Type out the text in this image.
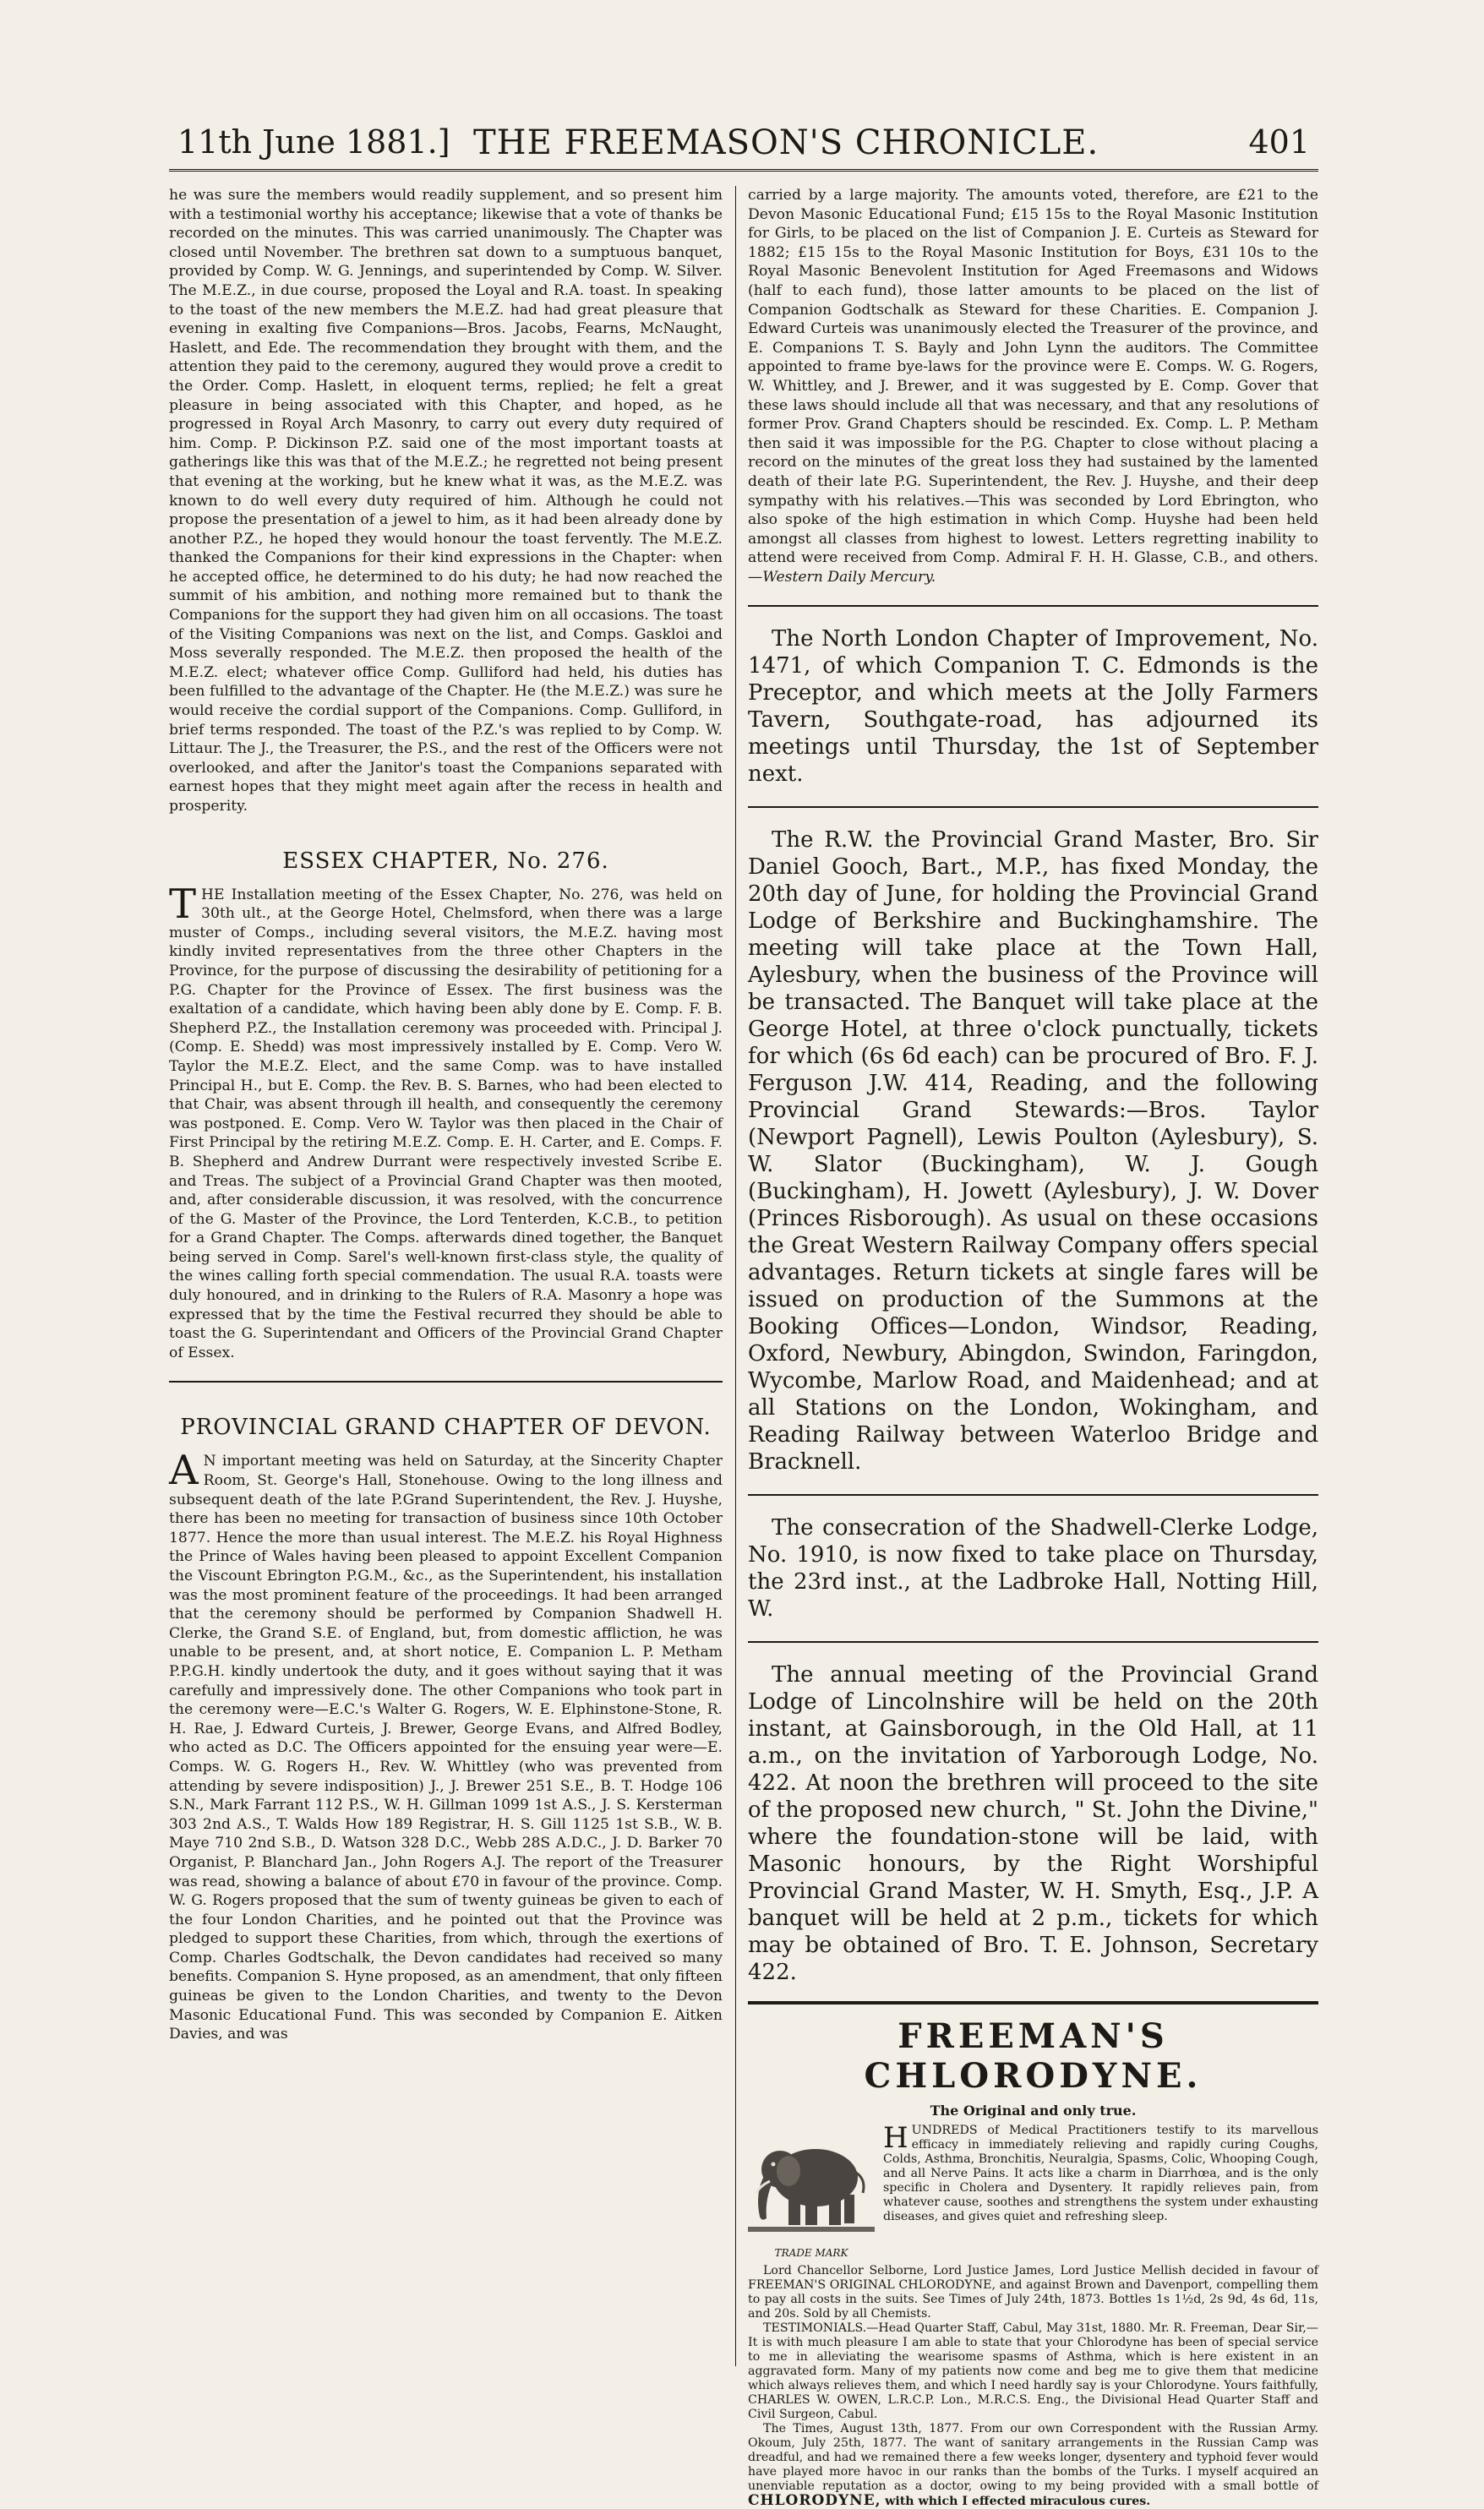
11th June 1881.] THE FREEMASON'S CHRONICLE.	401

he was sure the members would readily supplement, and so present him with a testimonial worthy his acceptance; likewise that a vote of thanks be recorded on the minutes. This was carried unanimously. The Chapter was closed until November. The brethren sat down to a sumptuous banquet, provided by Comp. W. G. Jennings, and superintended by Comp. W. Silver. The M.E.Z., in due course, proposed the Loyal and R.A. toast. In speaking to the toast of the new members the M.E.Z. had had great pleasure that evening in exalting five Companions—Bros. Jacobs, Fearns, McNaught, Haslett, and Ede. The recommendation they brought with them, and the attention they paid to the ceremony, augured they would prove a credit to the Order. Comp. Haslett, in eloquent terms, replied; he felt a great pleasure in being associated with this Chapter, and hoped, as he progressed in Royal Arch Masonry, to carry out every duty required of him. Comp. P. Dickinson P.Z. said one of the most important toasts at gatherings like this was that of the M.E.Z.; he regretted not being present that evening at the working, but he knew what it was, as the M.E.Z. was known to do well every duty required of him. Although he could not propose the presentation of a jewel to him, as it had been already done by another P.Z., he hoped they would honour the toast fervently. The M.E.Z. thanked the Companions for their kind expressions in the Chapter: when he accepted office, he determined to do his duty; he had now reached the summit of his ambition, and nothing more remained but to thank the Companions for the support they had given him on all occasions. The toast of the Visiting Companions was next on the list, and Comps. Gaskloi and Moss severally responded. The M.E.Z. then proposed the health of the M.E.Z. elect; whatever office Comp. Gulliford had held, his duties has been fulfilled to the advantage of the Chapter. He (the M.E.Z.) was sure he would receive the cordial support of the Companions. Comp. Gulliford, in brief terms responded. The toast of the P.Z.'s was replied to by Comp. W. Littaur. The J., the Treasurer, the P.S., and the rest of the Officers were not overlooked, and after the Janitor's toast the Companions separated with earnest hopes that they might meet again after the recess in health and prosperity.

ESSEX CHAPTER, No. 276.

THE Installation meeting of the Essex Chapter, No. 276, was held on 30th ult., at the George Hotel, Chelmsford, when there was a large muster of Comps., including several visitors, the M.E.Z. having most kindly invited representatives from the three other Chapters in the Province, for the purpose of discussing the desirability of petitioning for a P.G. Chapter for the Province of Essex. The first business was the exaltation of a candidate, which having been ably done by E. Comp. F. B. Shepherd P.Z., the Installation ceremony was proceeded with. Principal J. (Comp. E. Shedd) was most impressively installed by E. Comp. Vero W. Taylor the M.E.Z. Elect, and the same Comp. was to have installed Principal H., but E. Comp. the Rev. B. S. Barnes, who had been elected to that Chair, was absent through ill health, and consequently the ceremony was postponed. E. Comp. Vero W. Taylor was then placed in the Chair of First Principal by the retiring M.E.Z. Comp. E. H. Carter, and E. Comps. F. B. Shepherd and Andrew Durrant were respectively invested Scribe E. and Treas. The subject of a Provincial Grand Chapter was then mooted, and, after considerable discussion, it was resolved, with the concurrence of the G. Master of the Province, the Lord Tenterden, K.C.B., to petition for a Grand Chapter. The Comps. afterwards dined together, the Banquet being served in Comp. Sarel's well-known first-class style, the quality of the wines calling forth special commendation. The usual R.A. toasts were duly honoured, and in drinking to the Rulers of R.A. Masonry a hope was expressed that by the time the Festival recurred they should be able to toast the G. Superintendant and Officers of the Provincial Grand Chapter of Essex.

PROVINCIAL GRAND CHAPTER OF DEVON.

A N important meeting was held on Saturday, at the Sincerity Chapter Room, St. George's Hall, Stonehouse. Owing to the long illness and subsequent death of the late P.Grand Superintendent, the Rev. J. Huyshe, there has been no meeting for transaction of business since 10th October 1877. Hence the more than usual interest. The M.E.Z. his Royal Highness the Prince of Wales having been pleased to appoint Excellent Companion the Viscount Ebrington P.G.M., &c., as the Superintendent, his installation was the most prominent feature of the proceedings. It had been arranged that the ceremony should be performed by Companion Shadwell H. Clerke, the Grand S.E. of England, but, from domestic affliction, he was unable to be present, and, at short notice, E. Companion L. P. Metham P.P.G.H. kindly undertook the duty, and it goes without saying that it was carefully and impressively done. The other Companions who took part in the ceremony were—E.C.'s Walter G. Rogers, W. E. Elphinstone-Stone, R. H. Rae, J. Edward Curteis, J. Brewer, George Evans, and Alfred Bodley, who acted as D.C. The Officers appointed for the ensuing year were—E. Comps. W. G. Rogers H., Rev. W. Whittley (who was prevented from attending by severe indisposition) J., J. Brewer 251 S.E., B. T. Hodge 106 S.N., Mark Farrant 112 P.S., W. H. Gillman 1099 1st A.S., J. S. Kersterman 303 2nd A.S., T. Walds How 189 Registrar, H. S. Gill 1125 1st S.B., W. B. Maye 710 2nd S.B., D. Watson 328 D.C., Webb 28S A.D.C., J. D. Barker 70 Organist, P. Blanchard Jan., John Rogers A.J. The report of the Treasurer was read, showing a balance of about £70 in favour of the province. Comp. W. G. Rogers proposed that the sum of twenty guineas be given to each of the four London Charities, and he pointed out that the Province was pledged to support these Charities, from which, through the exertions of Comp. Charles Godtschalk, the Devon candidates had received so many benefits. Companion S. Hyne proposed, as an amendment, that only fifteen guineas be given to the London Charities, and twenty to the Devon Masonic Educational Fund. This was seconded by Companion E. Aitken Davies, and was

carried by a large majority. The amounts voted, therefore, are £21 to the Devon Masonic Educational Fund; £15 15s to the Royal Masonic Institution for Girls, to be placed on the list of Companion J. E. Curteis as Steward for 1882; £15 15s to the Royal Masonic Institution for Boys, £31 10s to the Royal Masonic Benevolent Institution for Aged Freemasons and Widows (half to each fund), those latter amounts to be placed on the list of Companion Godtschalk as Steward for these Charities. E. Companion J. Edward Curteis was unanimously elected the Treasurer of the province, and E. Companions T. S. Bayly and John Lynn the auditors. The Committee appointed to frame bye-laws for the province were E. Comps. W. G. Rogers, W. Whittley, and J. Brewer, and it was suggested by E. Comp. Gover that these laws should include all that was necessary, and that any resolutions of former Prov. Grand Chapters should be rescinded. Ex. Comp. L. P. Metham then said it was impossible for the P.G. Chapter to close without placing a record on the minutes of the great loss they had sustained by the lamented death of their late P.G. Superintendent, the Rev. J. Huyshe, and their deep sympathy with his relatives.—This was seconded by Lord Ebrington, who also spoke of the high estimation in which Comp. Huyshe had been held amongst all classes from highest to lowest. Letters regretting inability to attend were received from Comp. Admiral F. H. H. Glasse, C.B., and others. —Western Daily Mercury.

The North London Chapter of Improvement, No. 1471, of which Companion T. C. Edmonds is the Preceptor, and which meets at the Jolly Farmers Tavern, Southgate-road, has adjourned its meetings until Thursday, the 1st of September next.

The R.W. the Provincial Grand Master, Bro. Sir Daniel Gooch, Bart., M.P., has fixed Monday, the 20th day of June, for holding the Provincial Grand Lodge of Berkshire and Buckinghamshire. The meeting will take place at the Town Hall, Aylesbury, when the business of the Province will be transacted. The Banquet will take place at the George Hotel, at three o'clock punctually, tickets for which (6s 6d each) can be procured of Bro. F. J. Ferguson J.W. 414, Reading, and the following Provincial Grand Stewards:—Bros. Taylor (Newport Pagnell), Lewis Poulton (Aylesbury), S. W. Slator (Buckingham), W. J. Gough (Buckingham), H. Jowett (Aylesbury), J. W. Dover (Princes Risborough). As usual on these occasions the Great Western Railway Company offers special advantages. Return tickets at single fares will be issued on production of the Summons at the Booking Offices—London, Windsor, Reading, Oxford, Newbury, Abingdon, Swindon, Faringdon, Wycombe, Marlow Road, and Maidenhead; and at all Stations on the London, Wokingham, and Reading Railway between Waterloo Bridge and Bracknell.

The consecration of the Shadwell-Clerke Lodge, No. 1910, is now fixed to take place on Thursday, the 23rd inst., at the Ladbroke Hall, Notting Hill, W.

The annual meeting of the Provincial Grand Lodge of Lincolnshire will be held on the 20th instant, at Gainsborough, in the Old Hall, at 11 a.m., on the invitation of Yarborough Lodge, No. 422. At noon the brethren will proceed to the site of the proposed new church, " St. John the Divine," where the foundation-stone will be laid, with Masonic honours, by the Right Worshipful Provincial Grand Master, W. H. Smyth, Esq., J.P. A banquet will be held at 2 p.m., tickets for which may be obtained of Bro. T. E. Johnson, Secretary 422.

FREEMAN'S CHLORODYNE.
The Original and only true.
TRADE MARK

HUNDREDS of Medical Practitioners testify to its marvellous efficacy in immediately relieving and rapidly curing Coughs, Colds, Asthma, Bronchitis, Neuralgia, Spasms, Colic, Whooping Cough, and all Nerve Pains. It acts like a charm in Diarrhœa, and is the only specific in Cholera and Dysentery. It rapidly relieves pain, from whatever cause, soothes and strengthens the system under exhausting diseases, and gives quiet and refreshing sleep.

Lord Chancellor Selborne, Lord Justice James, Lord Justice Mellish decided in favour of FREEMAN'S ORIGINAL CHLORODYNE, and against Brown and Davenport, compelling them to pay all costs in the suits. See Times of July 24th, 1873. Bottles 1s 1½d, 2s 9d, 4s 6d, 11s, and 20s. Sold by all Chemists.

TESTIMONIALS.—Head Quarter Staff, Cabul, May 31st, 1880. Mr. R. Freeman, Dear Sir,—It is with much pleasure I am able to state that your Chlorodyne has been of special service to me in alleviating the wearisome spasms of Asthma, which is here existent in an aggravated form. Many of my patients now come and beg me to give them that medicine which always relieves them, and which I need hardly say is your Chlorodyne. Yours faithfully, CHARLES W. OWEN, L.R.C.P. Lon., M.R.C.S. Eng., the Divisional Head Quarter Staff and Civil Surgeon, Cabul.

The Times, August 13th, 1877. From our own Correspondent with the Russian Army. Okoum, July 25th, 1877. The want of sanitary arrangements in the Russian Camp was dreadful, and had we remained there a few weeks longer, dysentery and typhoid fever would have played more havoc in our ranks than the bombs of the Turks. I myself acquired an unenviable reputation as a doctor, owing to my being provided with a small bottle of CHLORODYNE, with which I effected miraculous cures.
